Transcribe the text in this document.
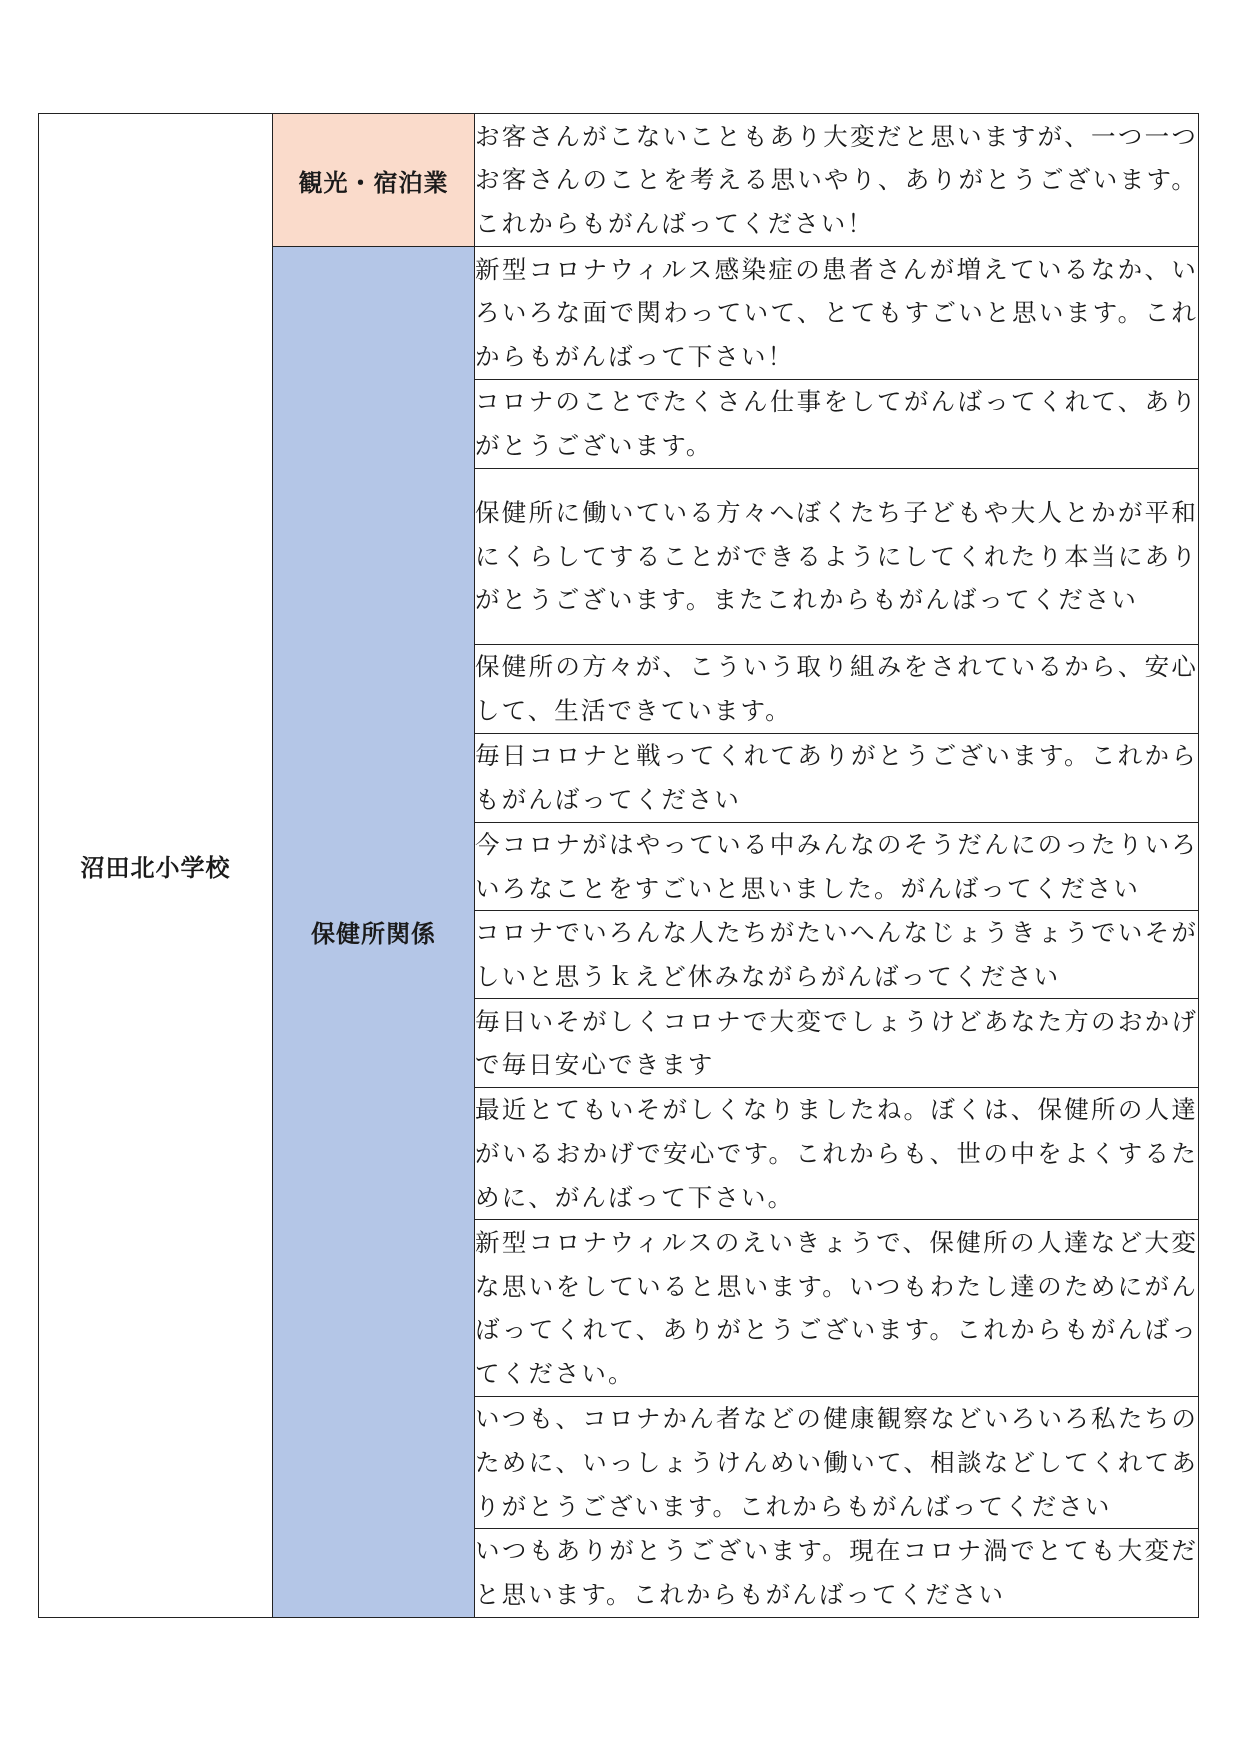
沼田北小学校	観光・宿泊業	お客さんがこないこともあり大変だと思いますが、一つ一つお客さんのことを考える思いやり、ありがとうございます。これからもがんばってください！
	保健所関係	新型コロナウィルス感染症の患者さんが増えているなか、いろいろな面で関わっていて、とてもすごいと思います。これからもがんばって下さい！
		コロナのことでたくさん仕事をしてがんばってくれて、ありがとうございます。
		保健所に働いている方々へぼくたち子どもや大人とかが平和にくらしてすることができるようにしてくれたり本当にありがとうございます。またこれからもがんばってください
		保健所の方々が、こういう取り組みをされているから、安心して、生活できています。
		毎日コロナと戦ってくれてありがとうございます。これからもがんばってください
		今コロナがはやっている中みんなのそうだんにのったりいろいろなことをすごいと思いました。がんばってください
		コロナでいろんな人たちがたいへんなじょうきょうでいそがしいと思うｋえど休みながらがんばってください
		毎日いそがしくコロナで大変でしょうけどあなた方のおかげで毎日安心できます
		最近とてもいそがしくなりましたね。ぼくは、保健所の人達がいるおかげで安心です。これからも、世の中をよくするために、がんばって下さい。
		新型コロナウィルスのえいきょうで、保健所の人達など大変な思いをしていると思います。いつもわたし達のためにがんばってくれて、ありがとうございます。これからもがんばってください。
		いつも、コロナかん者などの健康観察などいろいろ私たちのために、いっしょうけんめい働いて、相談などしてくれてありがとうございます。これからもがんばってください
		いつもありがとうございます。現在コロナ渦でとても大変だと思います。これからもがんばってください
